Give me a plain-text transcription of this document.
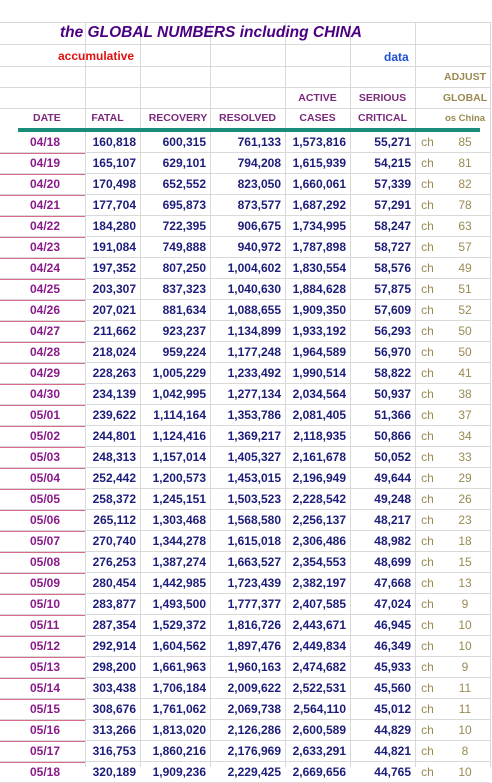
the GLOBAL NUMBERS including CHINA
accumulative	data
ADJUST
ACTIVE	SERIOUS	GLOBAL
DATE	FATAL	RECOVERY	RESOLVED	CASES	CRITICAL	os China
04/18	160,818	600,315	761,133 1,573,816	55,271 ch	85
04/19	165,107	629,101	794,208 1,615,939	54,215 ch	81
04/20	170,498	652,552	823,050 1,660,061	57,339 ch	82
04/21	177,704	695,873	873,577 1,687,292	57,291 ch	78
04/22	184,280	722,395	906,675 1,734,995	58,247 ch	63
04/23	191,084	749,888	940,972 1,787,898	58,727 ch	57
04/24	197,352	807,250	1,004,602 1,830,554	58,576 ch	49
04/25	203,307	837,323	1,040,630 1,884,628	57,875 ch	51
04/26	207,021	881,634	1,088,655 1,909,350	57,609 ch	52
04/27	211,662	923,237	1,134,899 1,933,192	56,293 ch	50
04/28	218,024	959,224	1,177,248 1,964,589	56,970 ch	50
04/29	228,263	1,005,229	1,233,492 1,990,514	58,822 ch	41
04/30	234,139	1,042,995	1,277,134 2,034,564	50,937 ch	38
05/01	239,622	1,114,164	1,353,786 2,081,405	51,366 ch	37
05/02	244,801	1,124,416	1,369,217	2,118,935	50,866 ch	34
05/03	248,313	1,157,014	1,405,327 2,161,678	50,052 ch	33
05/04	252,442	1,200,573	1,453,015 2,196,949	49,644 ch	29
05/05	258,372	1,245,151	1,503,523 2,228,542	49,248 ch	26
05/06	265,112	1,303,468	1,568,580 2,256,137	48,217 ch	23
05/07	270,740	1,344,278	1,615,018 2,306,486	48,982 ch	18
05/08	276,253	1,387,274	1,663,527 2,354,553	48,699 ch	15
05/09	280,454	1,442,985	1,723,439 2,382,197	47,668 ch	13
05/10	283,877	1,493,500	1,777,377 2,407,585	47,024 ch	9
05/11	287,354	1,529,372	1,816,726 2,443,671	46,945 ch	10
05/12	292,914	1,604,562	1,897,476 2,449,834	46,349 ch	10
05/13	298,200	1,661,963	1,960,163 2,474,682	45,933 ch	9
05/14	303,438	1,706,184	2,009,622 2,522,531	45,560 ch	11
05/15	308,676	1,761,062	2,069,738	2,564,110	45,012 ch	11
05/16	313,266	1,813,020	2,126,286 2,600,589	44,829 ch	10
05/17	316,753	1,860,216	2,176,969 2,633,291	44,821 ch	8
05/18	320,189	1,909,236	2,229,425 2,669,656	44,765 ch	10
